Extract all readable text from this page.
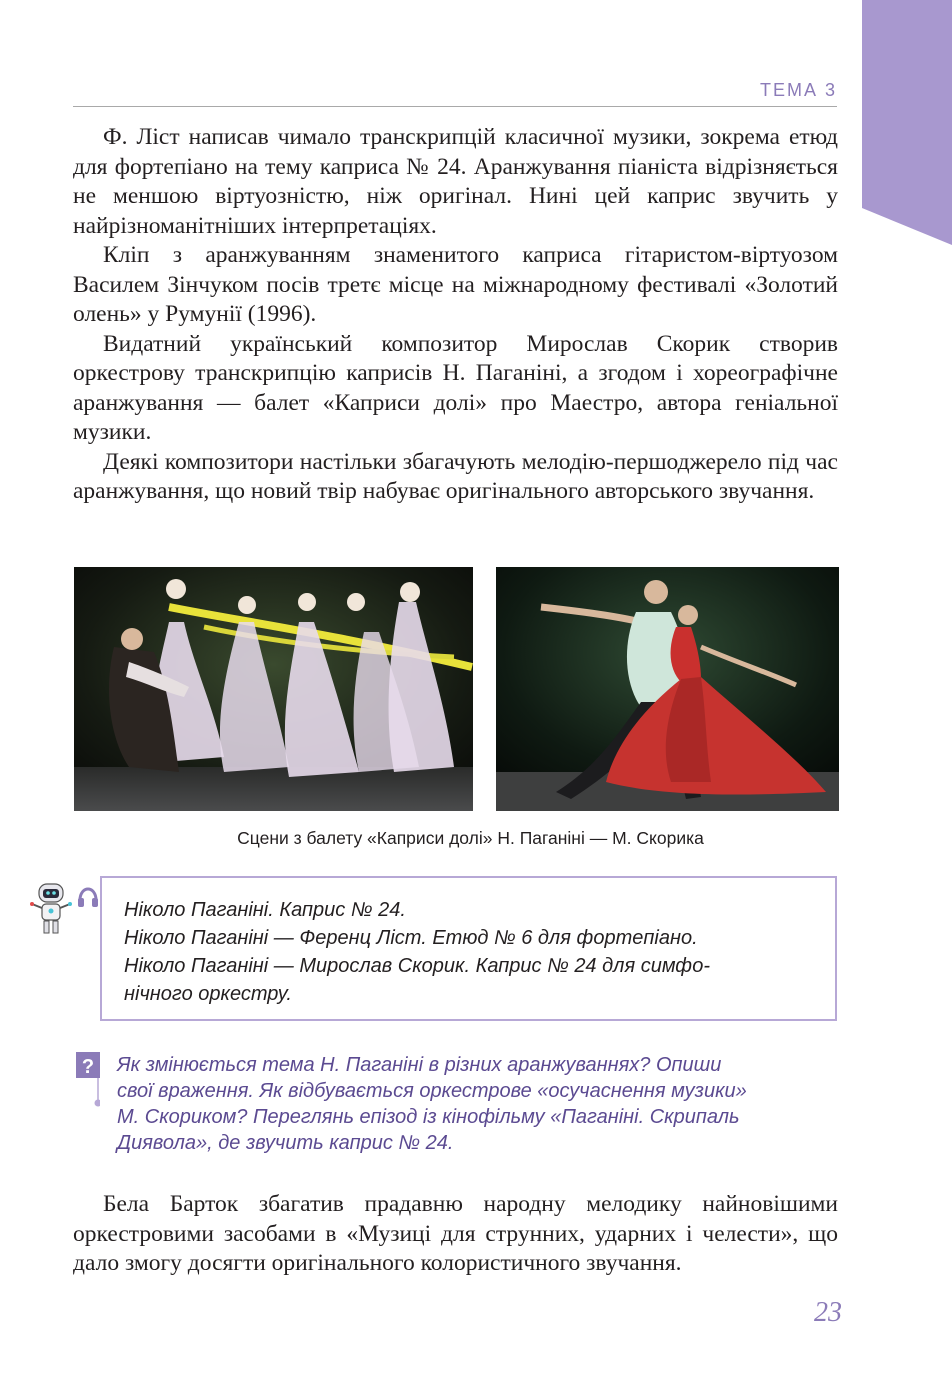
ТЕМА 3

Ф. Ліст написав чимало транскрипцій класичної музики, зокрема етюд для фортепіано на тему каприса № 24. Аранжування піаніста відрізняється не меншою віртуозністю, ніж оригінал. Нині цей каприс звучить у найрізноманітніших інтерпретаціях.

Кліп з аранжуванням знаменитого каприса гітаристом-віртуозом Василем Зінчуком посів третє місце на міжнародному фестивалі «Золотий олень» у Румунії (1996).

Видатний український композитор Мирослав Скорик створив оркестрову транскрипцію каприсів Н. Паганіні, а згодом і хореографічне аранжування — балет «Каприси долі» про Маестро, автора геніальної музики.

Деякі композитори настільки збагачують мелодію-першоджерело під час аранжування, що новий твір набуває оригінального авторського звучання.

Сцени з балету «Каприси долі» Н. Паганіні — М. Скорика
Ніколо Паганіні. Каприс № 24.
Ніколо Паганіні — Ференц Ліст. Етюд № 6 для фортепіано.
Ніколо Паганіні — Мирослав Скорик. Каприс № 24 для симфо-
нічного оркестру.
? Як змінюється тема Н. Паганіні в різних аранжуваннях? Опиши
свої враження. Як відбувається оркестрове «осучаснення музики»
М. Скориком? Переглянь епізод із кінофільму «Паганіні. Скрипаль
Диявола», де звучить каприс № 24.

Бела Барток збагатив прадавню народну мелодику найновішими оркестровими засобами в «Музиці для струнних, ударних і челести», що дало змогу досягти оригінального колористичного звучання.

23
